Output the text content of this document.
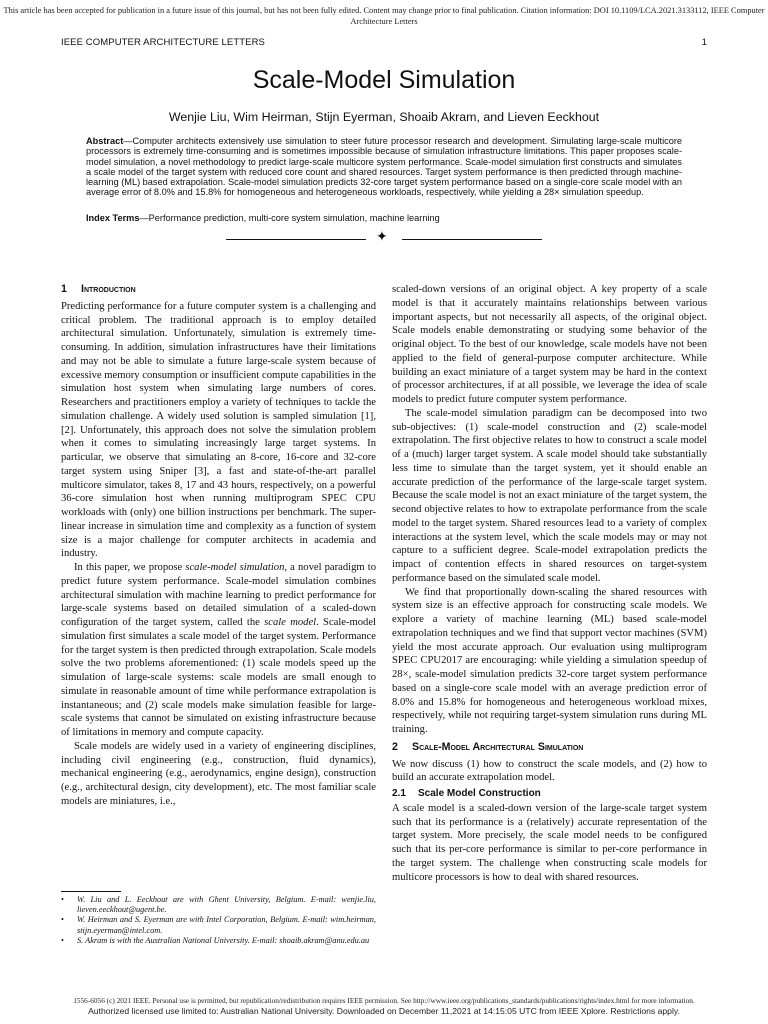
This article has been accepted for publication in a future issue of this journal, but has not been fully edited. Content may change prior to final publication. Citation information: DOI 10.1109/LCA.2021.3133112, IEEE Computer Architecture Letters
IEEE COMPUTER ARCHITECTURE LETTERS	1
Scale-Model Simulation
Wenjie Liu, Wim Heirman, Stijn Eyerman, Shoaib Akram, and Lieven Eeckhout

Abstract—Computer architects extensively use simulation to steer future processor research and development. Simulating large-scale multicore processors is extremely time-consuming and is sometimes impossible because of simulation infrastructure limitations. This paper proposes scale-model simulation, a novel methodology to predict large-scale multicore system performance. Scale-model simulation first constructs and simulates a scale model of the target system with reduced core count and shared resources. Target system performance is then predicted through machine-learning (ML) based extrapolation. Scale-model simulation predicts 32-core target system performance based on a single-core scale model with an average error of 8.0% and 15.8% for homogeneous and heterogeneous workloads, respectively, while yielding a 28× simulation speedup.

Index Terms—Performance prediction, multi-core system simulation, machine learning

✦
1 Introduction

Predicting performance for a future computer system is a challenging and critical problem. The traditional approach is to employ detailed architectural simulation. Unfortunately, simulation is extremely time-consuming. In addition, simulation infrastructures have their limitations and may not be able to simulate a future large-scale system because of excessive memory consumption or insufficient compute capabilities in the simulation host system when simulating large numbers of cores. Researchers and practitioners employ a variety of techniques to tackle the simulation challenge. A widely used solution is sampled simulation [1], [2]. Unfortunately, this approach does not solve the simulation problem when it comes to simulating increasingly large target systems. In particular, we observe that simulating an 8-core, 16-core and 32-core target system using Sniper [3], a fast and state-of-the-art parallel multicore simulator, takes 8, 17 and 43 hours, respectively, on a powerful 36-core simulation host when running multiprogram SPEC CPU workloads with (only) one billion instructions per benchmark. The super-linear increase in simulation time and complexity as a function of system size is a major challenge for computer architects in academia and industry.

In this paper, we propose scale-model simulation, a novel paradigm to predict future system performance. Scale-model simulation combines architectural simulation with machine learning to predict performance for large-scale systems based on detailed simulation of a scaled-down configuration of the target system, called the scale model. Scale-model simulation first simulates a scale model of the target system. Performance for the target system is then predicted through extrapolation. Scale models solve the two problems aforementioned: (1) scale models speed up the simulation of large-scale systems: scale models are small enough to simulate in reasonable amount of time while performance extrapolation is instantaneous; and (2) scale models make simulation feasible for large-scale systems that cannot be simulated on existing infrastructure because of limitations in memory and compute capacity.

Scale models are widely used in a variety of engineering disciplines, including civil engineering (e.g., construction, fluid dynamics), mechanical engineering (e.g., aerodynamics, engine design), construction (e.g., architectural design, city development), etc. The most familiar scale models are miniatures, i.e.,

scaled-down versions of an original object. A key property of a scale model is that it accurately maintains relationships between various important aspects, but not necessarily all aspects, of the original object. Scale models enable demonstrating or studying some behavior of the original object. To the best of our knowledge, scale models have not been applied to the field of general-purpose computer architecture. While building an exact miniature of a target system may be hard in the context of processor architectures, if at all possible, we leverage the idea of scale models to predict future computer system performance.

The scale-model simulation paradigm can be decomposed into two sub-objectives: (1) scale-model construction and (2) scale-model extrapolation. The first objective relates to how to construct a scale model of a (much) larger target system. A scale model should take substantially less time to simulate than the target system, yet it should enable an accurate prediction of the performance of the large-scale target system. Because the scale model is not an exact miniature of the target system, the second objective relates to how to extrapolate performance from the scale model to the target system. Shared resources lead to a variety of complex interactions at the system level, which the scale models may or may not capture to a sufficient degree. Scale-model extrapolation predicts the impact of contention effects in shared resources on target-system performance based on the simulated scale model.

We find that proportionally down-scaling the shared resources with system size is an effective approach for constructing scale models. We explore a variety of machine learning (ML) based scale-model extrapolation techniques and we find that support vector machines (SVM) yield the most accurate approach. Our evaluation using multiprogram SPEC CPU2017 are encouraging: while yielding a simulation speedup of 28×, scale-model simulation predicts 32-core target system performance based on a single-core scale model with an average prediction error of 8.0% and 15.8% for homogeneous and heterogeneous workload mixes, respectively, while not requiring target-system simulation runs during ML training.

2 Scale-Model Architectural Simulation

We now discuss (1) how to construct the scale models, and (2) how to build an accurate extrapolation model.

2.1 Scale Model Construction

A scale model is a scaled-down version of the large-scale target system such that its performance is a (relatively) accurate representation of the target system. More precisely, the scale model needs to be configured such that its per-core performance is similar to per-core performance in the target system. The challenge when constructing scale models for multicore processors is how to deal with shared resources.

• W. Liu and L. Eeckhout are with Ghent University, Belgium. E-mail: wenjie.liu, lieven.eeckhout@ugent.be.
• W. Heirman and S. Eyerman are with Intel Corporation, Belgium. E-mail: wim.heirman, stijn.eyerman@intel.com.
• S. Akram is with the Australian National University. E-mail: shoaib.akram@anu.edu.au
1556-6056 (c) 2021 IEEE. Personal use is permitted, but republication/redistribution requires IEEE permission. See http://www.ieee.org/publications_standards/publications/rights/index.html for more information.
Authorized licensed use limited to: Australian National University. Downloaded on December 11,2021 at 14:15:05 UTC from IEEE Xplore. Restrictions apply.
